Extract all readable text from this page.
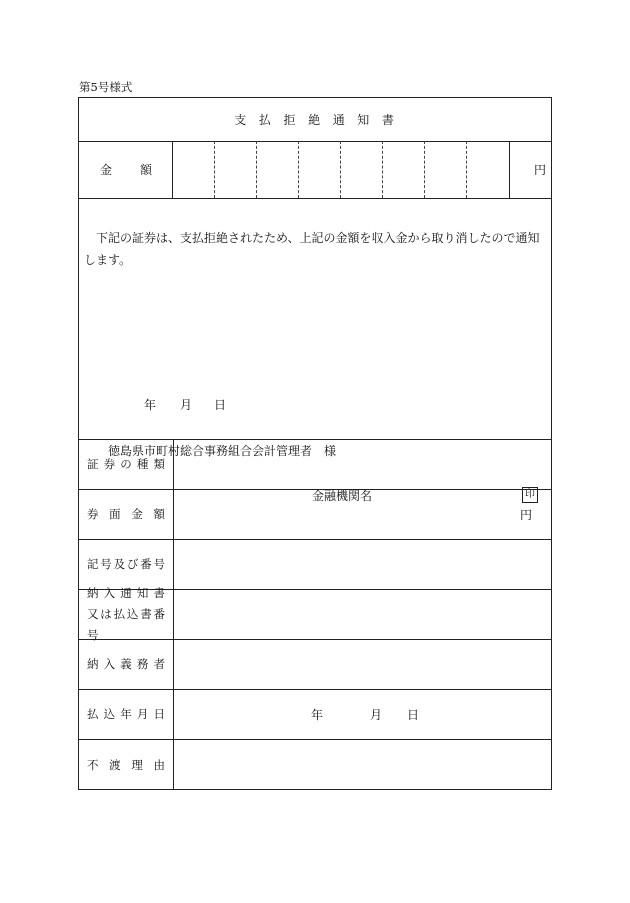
第5号様式
支払拒絶通知書
金額	円
下記の証券は、支払拒絶されたため、上記の金額を収入金から取り消したので通知します。
年 月 日
徳島県市町村総合事務組合会計管理者　様
金融機関名	印
証券の種類
券面金額	円
記号及び番号
納入通知書
又は払込書番号
納入義務者
払込年月日	年	月 日
不渡理由
